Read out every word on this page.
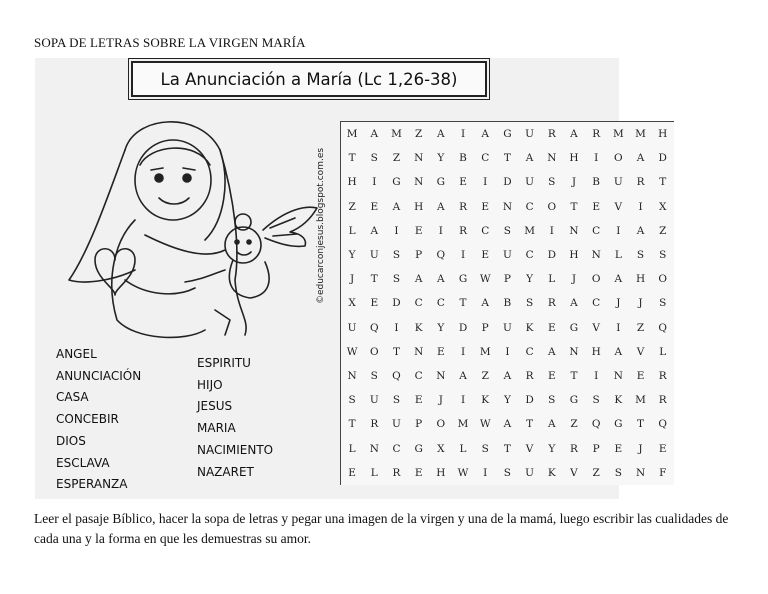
SOPA DE LETRAS SOBRE LA VIRGEN MARÍA
La Anunciación a María (Lc 1,26-38)
©educarconjesus.blogspot.com.es
M	A	M	Z	A	I	A	G	U	R	A	R	M	M	H
T	S	Z	N	Y	B	C	T	A	N	H	I	O	A	D
H	I	G	N	G	E	I	D	U	S	J	B	U	R	T
Z	E	A	H	A	R	E	N	C	O	T	E	V	I	X
L	A	I	E	I	R	C	S	M	I	N	C	I	A	Z
Y	U	S	P	Q	I	E	U	C	D	H	N	L	S	S
J	T	S	A	A	G	W	P	Y	L	J	O	A	H	O
X	E	D	C	C	T	A	B	S	R	A	C	J	J	S
U	Q	I	K	Y	D	P	U	K	E	G	V	I	Z	Q
W	O	T	N	E	I	M	I	C	A	N	H	A	V	L
N	S	Q	C	N	A	Z	A	R	E	T	I	N	E	R
S	U	S	E	J	I	K	Y	D	S	G	S	K	M	R
T	R	U	P	O	M	W	A	T	A	Z	Q	G	T	Q
L	N	C	G	X	L	S	T	V	Y	R	P	E	J	E
E	L	R	E	H	W	I	S	U	K	V	Z	S	N	F
ANGEL
ANUNCIACIÓN
CASA
CONCEBIR
DIOS
ESCLAVA
ESPERANZA
ESPIRITU
HIJO
JESUS
MARIA
NACIMIENTO
NAZARET
Leer el pasaje Bíblico, hacer la sopa de letras y pegar una imagen de la virgen y una de la mamá, luego escribir las cualidades de cada una y la forma en que les demuestras su amor.
